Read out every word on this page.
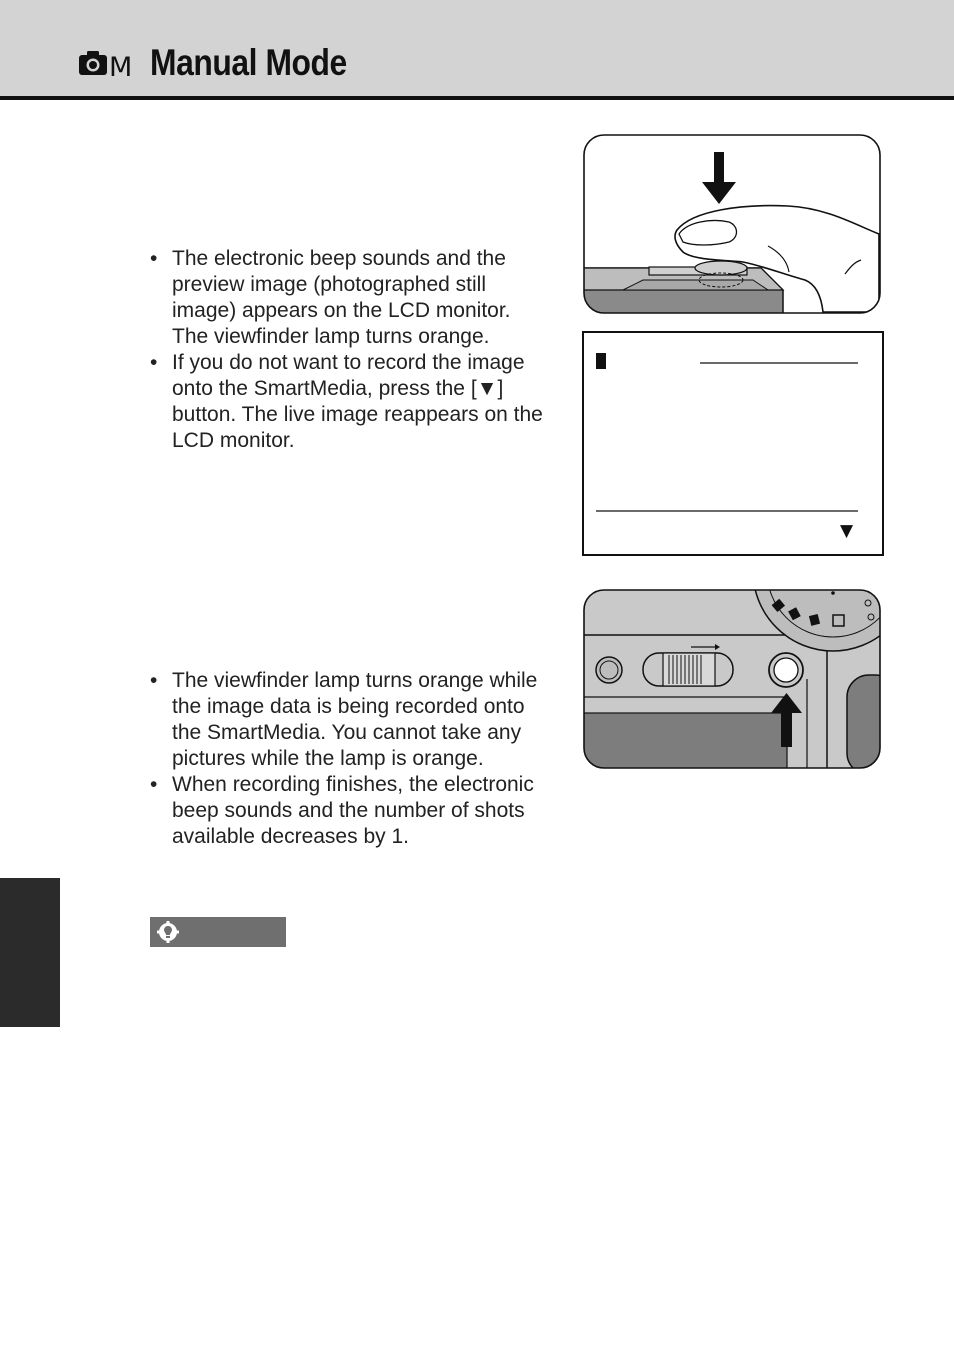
M Manual Mode
• The electronic beep sounds and the preview image (photographed still image) appears on the LCD monitor. The viewfinder lamp turns orange.
• If you do not want to record the image onto the SmartMedia, press the [▼] button. The live image reappears on the LCD monitor.
▼
• The viewfinder lamp turns orange while the image data is being recorded onto the SmartMedia. You cannot take any pictures while the lamp is orange.
• When recording finishes, the electronic beep sounds and the number of shots available decreases by 1.
